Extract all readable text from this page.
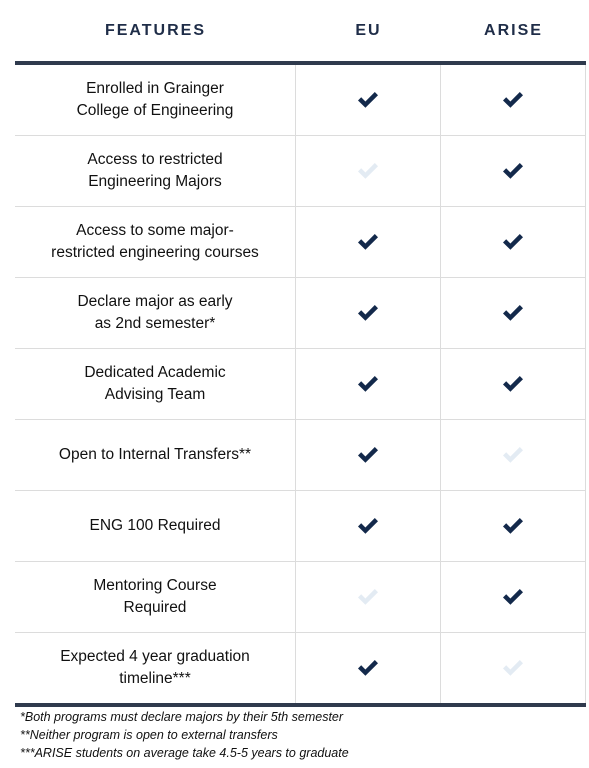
FEATURES	EU	ARISE
Enrolled in Grainger
College of Engineering
Access to restricted
Engineering Majors
Access to some major-
restricted engineering courses
Declare major as early
as 2nd semester*
Dedicated Academic
Advising Team
Open to Internal Transfers**
ENG 100 Required
Mentoring Course
Required
Expected 4 year graduation
timeline***
*Both programs must declare majors by their 5th semester
**Neither program is open to external transfers
***ARISE students on average take 4.5-5 years to graduate
